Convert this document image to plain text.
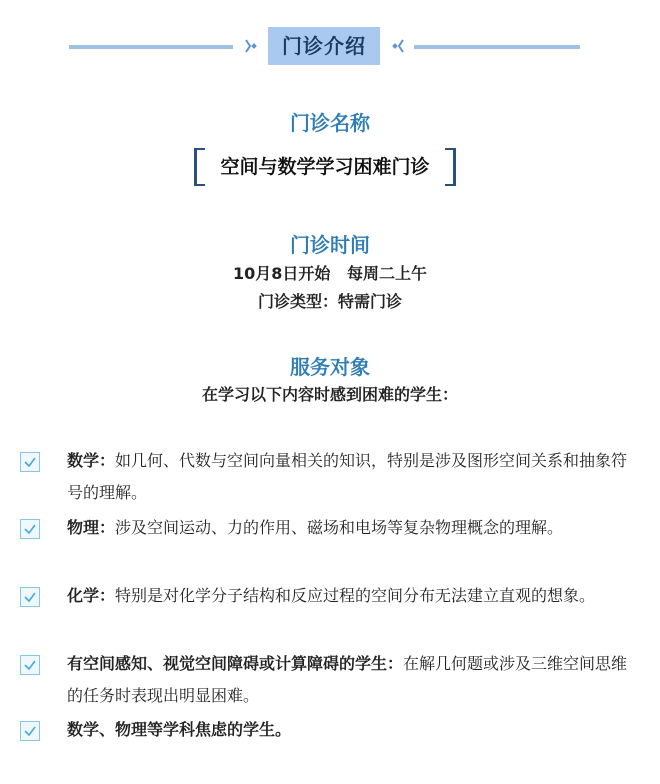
门诊介绍
门诊名称
空间与数学学习困难门诊
门诊时间
10月8日开始   每周二上午
门诊类型：特需门诊
服务对象
在学习以下内容时感到困难的学生：
数学：如几何、代数与空间向量相关的知识，特别是涉及图形空间关系和抽象符号的理解。
物理：涉及空间运动、力的作用、磁场和电场等复杂物理概念的理解。
化学：特别是对化学分子结构和反应过程的空间分布无法建立直观的想象。
有空间感知、视觉空间障碍或计算障碍的学生：在解几何题或涉及三维空间思维的任务时表现出明显困难。
数学、物理等学科焦虑的学生。
